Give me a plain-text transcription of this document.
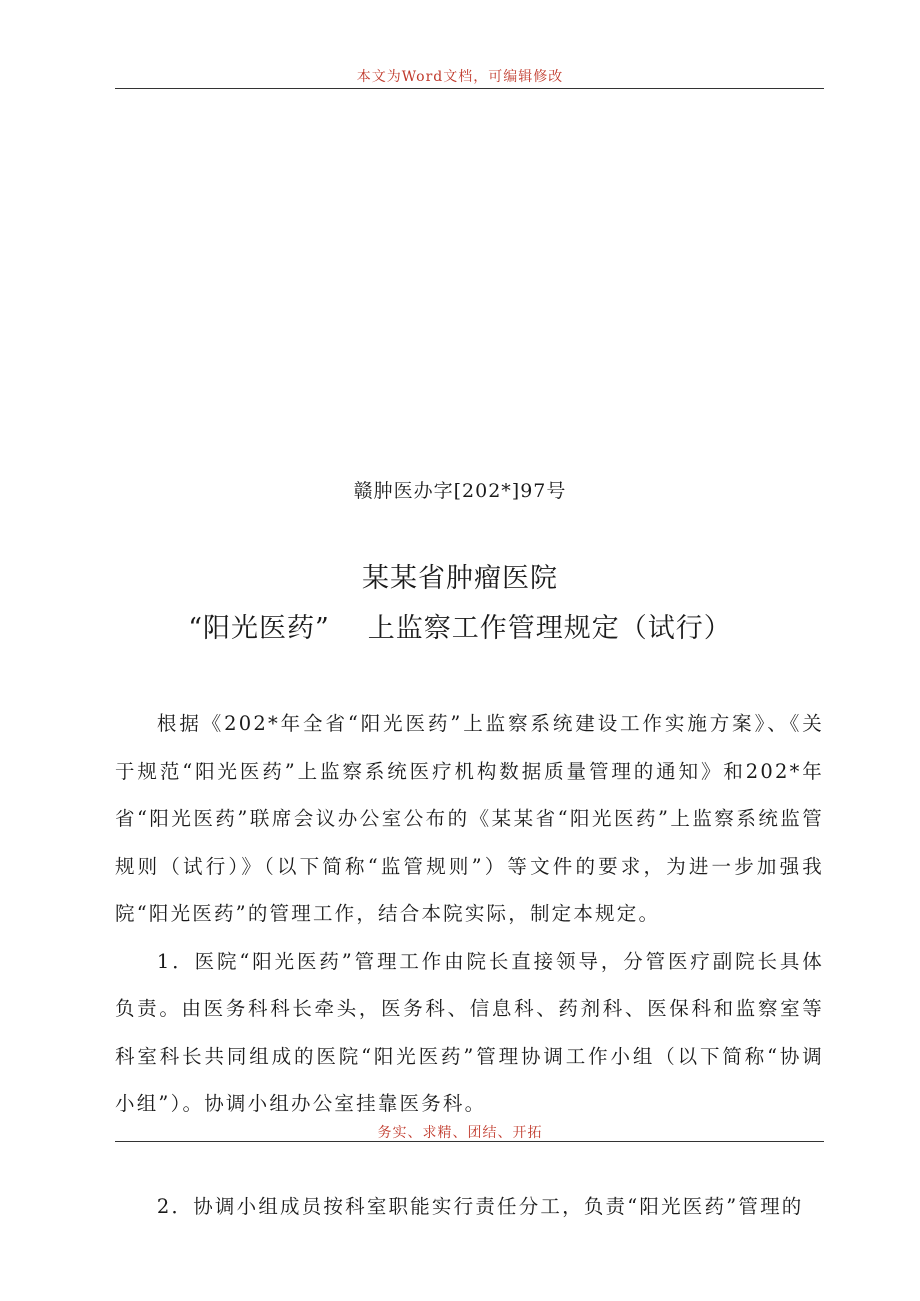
本文为Word文档，可编辑修改
赣肿医办字[202*]97号
某某省肿瘤医院
“阳光医药” 上监察工作管理规定（试行）

根据《202*年全省“阳光医药”上监察系统建设工作实施方案》、《关于规范“阳光医药”上监察系统医疗机构数据质量管理的通知》和202*年省“阳光医药”联席会议办公室公布的《某某省“阳光医药”上监察系统监管规则（试行）》（以下简称“监管规则”）等文件的要求，为进一步加强我院“阳光医药”的管理工作，结合本院实际，制定本规定。

1．医院“阳光医药”管理工作由院长直接领导，分管医疗副院长具体负责。由医务科科长牵头，医务科、信息科、药剂科、医保科和监察室等科室科长共同组成的医院“阳光医药”管理协调工作小组（以下简称“协调小组”）。协调小组办公室挂靠医务科。

务实、求精、团结、开拓
2．协调小组成员按科室职能实行责任分工，负责“阳光医药”管理的
